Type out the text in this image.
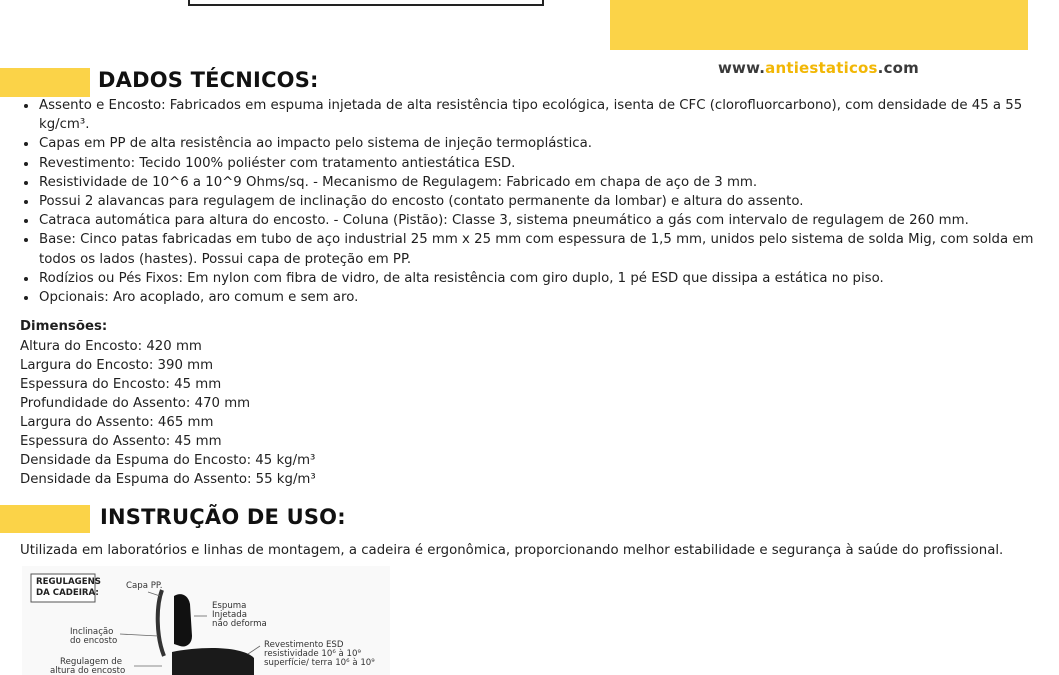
www.antiestaticos.com
DADOS TÉCNICOS:
• Assento e Encosto: Fabricados em espuma injetada de alta resistência tipo ecológica, isenta de CFC (clorofluorcarbono), com densidade de 45 a 55 kg/cm³.
• Capas em PP de alta resistência ao impacto pelo sistema de injeção termoplástica.
• Revestimento: Tecido 100% poliéster com tratamento antiestática ESD.
• Resistividade de 10^6 a 10^9 Ohms/sq. - Mecanismo de Regulagem: Fabricado em chapa de aço de 3 mm.
• Possui 2 alavancas para regulagem de inclinação do encosto (contato permanente da lombar) e altura do assento.
• Catraca automática para altura do encosto. - Coluna (Pistão): Classe 3, sistema pneumático a gás com intervalo de regulagem de 260 mm.
• Base: Cinco patas fabricadas em tubo de aço industrial 25 mm x 25 mm com espessura de 1,5 mm, unidos pelo sistema de solda Mig, com solda em todos os lados (hastes). Possui capa de proteção em PP.
• Rodízios ou Pés Fixos: Em nylon com fibra de vidro, de alta resistência com giro duplo, 1 pé ESD que dissipa a estática no piso.
• Opcionais: Aro acoplado, aro comum e sem aro.
Dimensões:
Altura do Encosto: 420 mm
Largura do Encosto: 390 mm
Espessura do Encosto: 45 mm
Profundidade do Assento: 470 mm
Largura do Assento: 465 mm
Espessura do Assento: 45 mm
Densidade da Espuma do Encosto: 45 kg/m³
Densidade da Espuma do Assento: 55 kg/m³
INSTRUÇÃO DE USO:
Utilizada em laboratórios e linhas de montagem, a cadeira é ergonômica, proporcionando melhor estabilidade e segurança à saúde do profissional.
REGULAGENS
DA CADEIRA:
Capa PP.
Espuma
Injetada
não deforma
Inclinação
do encosto	Revestimento ESD
resistividade 10⁶ à 10⁹
superfície/ terra 10⁶ à 10⁹
Regulagem de
altura do encosto
